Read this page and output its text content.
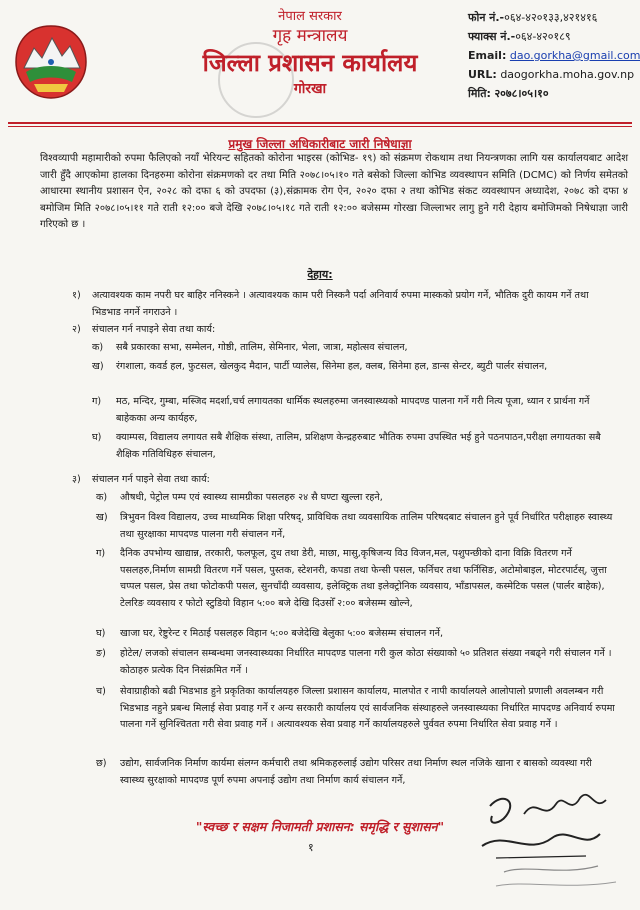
नेपाल सरकार
गृह मन्त्रालय
जिल्ला प्रशासन कार्यालय
गोरखा
फोन नं.-०६४-४२०१३३,४२१४१६
फ्याक्स नं.-०६४-४२०१८९
Email: dao.gorkha@gmail.com
URL: daogorkha.moha.gov.np
मिति: २०७८।०५।१०
प्रमुख जिल्ला अधिकारीबाट जारी निषेधाज्ञा
विश्वव्यापी महामारीको रुपमा फैलिएको नयाँ भेरियन्ट सहितको कोरोना भाइरस (कोभिड- १९) को संक्रमण रोकथाम तथा नियन्त्रणका लागि यस कार्यालयबाट आदेश जारी हुँदै आएकोमा हालका दिनहरुमा कोरोना संक्रमणको दर तथा मिति २०७८।०५।१० गते बसेको जिल्ला कोभिड व्यवस्थापन समिति (DCMC) को निर्णय समेतको आधारमा स्थानीय प्रशासन ऐन, २०२८ को दफा ६ को उपदफा (३),संक्रामक रोग ऐन, २०२० दफा २ तथा कोभिड संकट व्यवस्थापन अध्यादेश, २०७८ को दफा ४ बमोजिम मिति २०७८।०५।११ गते राती १२:०० बजे देखि २०७८।०५।१८ गते राती १२:०० बजेसम्म गोरखा जिल्लाभर लागु हुने गरी देहाय बमोजिमको निषेधाज्ञा जारी गरिएको छ ।
देहाय:
१) अत्यावश्यक काम नपरी घर बाहिर ननिस्कने । अत्यावश्यक काम परी निस्कनै पर्दा अनिवार्य रुपमा मास्कको प्रयोग गर्ने, भौतिक दुरी कायम गर्ने तथा भिडभाड नगर्ने नगराउने ।
२) संचालन गर्न नपाइने सेवा तथा कार्य:
क) सबै प्रकारका सभा, सम्मेलन, गोष्ठी, तालिम, सेमिनार, भेला, जात्रा, महोत्सव संचालन,
ख) रंगशाला, कवर्ड हल, फुटसल, खेलकुद मैदान, पार्टी प्यालेस, सिनेमा हल, क्लब, सिनेमा हल, डान्स सेन्टर, ब्युटी पार्लर संचालन,
ग) मठ, मन्दिर, गुम्बा, मस्जिद मदर्शा,चर्च लगायतका धार्मिक स्थलहरुमा जनस्वास्थ्यको मापदण्ड पालना गर्ने गरी नित्य पूजा, ध्यान र प्रार्थना गर्ने बाहेकका अन्य कार्यहरु,
घ) क्याम्पस, विद्यालय लगायत सबै शैक्षिक संस्था, तालिम, प्रशिक्षण केन्द्रहरुबाट भौतिक रुपमा उपस्थित भई हुने पठनपाठन,परीक्षा लगायतका सबै शैक्षिक गतिविधिहरु संचालन,
३) संचालन गर्न पाइने सेवा तथा कार्य:
क) औषधी, पेट्रोल पम्प एवं स्वास्थ्य सामग्रीका पसलहरु २४ सै घण्टा खुल्ला रहने,
ख) त्रिभुवन विश्व विद्यालय, उच्च माध्यमिक शिक्षा परिषद्, प्राविधिक तथा व्यवसायिक तालिम परिषदबाट संचालन हुने पूर्व निर्धारित परीक्षाहरु स्वास्थ्य तथा सुरक्षाका मापदण्ड पालना गरी संचालन गर्ने,
ग) दैनिक उपभोग्य खाद्यान्न, तरकारी, फलफूल, दुध तथा डेरी, माछा, मासु,कृषिजन्य विउ विजन,मल, पशुपन्छीको दाना विक्रि वितरण गर्ने पसलहरु,निर्माण सामग्री वितरण गर्ने पसल, पुस्तक, स्टेशनरी, कपडा तथा फेन्सी पसल, फर्निचर तथा फर्निसिङ, अटोमोबाइल, मोटरपार्टस्, जुत्ता चप्पल पसल, प्रेस तथा फोटोकपी पसल, सुनचाँदी व्यवसाय, इलेक्ट्रिक तथा इलेक्ट्रोनिक व्यवसाय, भाँडापसल, कस्मेटिक पसल (पार्लर बाहेक), टेलरिङ व्यवसाय र फोटो स्टुडियो विहान ५:०० बजे देखि दिउसोँ २:०० बजेसम्म खोल्ने,
घ) खाजा घर, रेष्टुरेन्ट र मिठाई पसलहरु विहान ५:०० बजेदेखि बेलुका ५:०० बजेसम्म संचालन गर्ने,
ङ) होटेल/ लजको संचालन सम्बन्धमा जनस्वास्थ्यका निर्धारित मापदण्ड पालना गरी कुल कोठा संख्याको ५० प्रतिशत संख्या नबढ्ने गरी संचालन गर्ने । कोठाहरु प्रत्येक दिन निसंक्रमित गर्ने ।
च) सेवाग्राहीको बढी भिडभाड हुने प्रकृतिका कार्यालयहरु जिल्ला प्रशासन कार्यालय, मालपोत र नापी कार्यालयले आलोपालो प्रणाली अवलम्बन गरी भिडभाड नहुने प्रबन्ध मिलाई सेवा प्रवाह गर्ने र अन्य सरकारी कार्यालय एवं सार्वजनिक संस्थाहरुले जनस्वास्थ्यका निर्धारित मापदण्ड अनिवार्य रुपमा पालना गर्ने सुनिश्चितता गरी सेवा प्रवाह गर्ने । अत्यावश्यक सेवा प्रवाह गर्ने कार्यालयहरुले पुर्ववत रुपमा निर्धारित सेवा प्रवाह गर्ने ।
छ) उद्योग, सार्वजनिक निर्माण कार्यमा संलग्न कर्मचारी तथा श्रमिकहरुलाई उद्योग परिसर तथा निर्माण स्थल नजिके खाना र बासको व्यवस्था गरी स्वास्थ्य सुरक्षाको मापदण्ड पूर्ण रुपमा अपनाई उद्योग तथा निर्माण कार्य संचालन गर्ने,
"स्वच्छ र सक्षम निजामती प्रशासन: समृद्धि र सुशासन"
१
